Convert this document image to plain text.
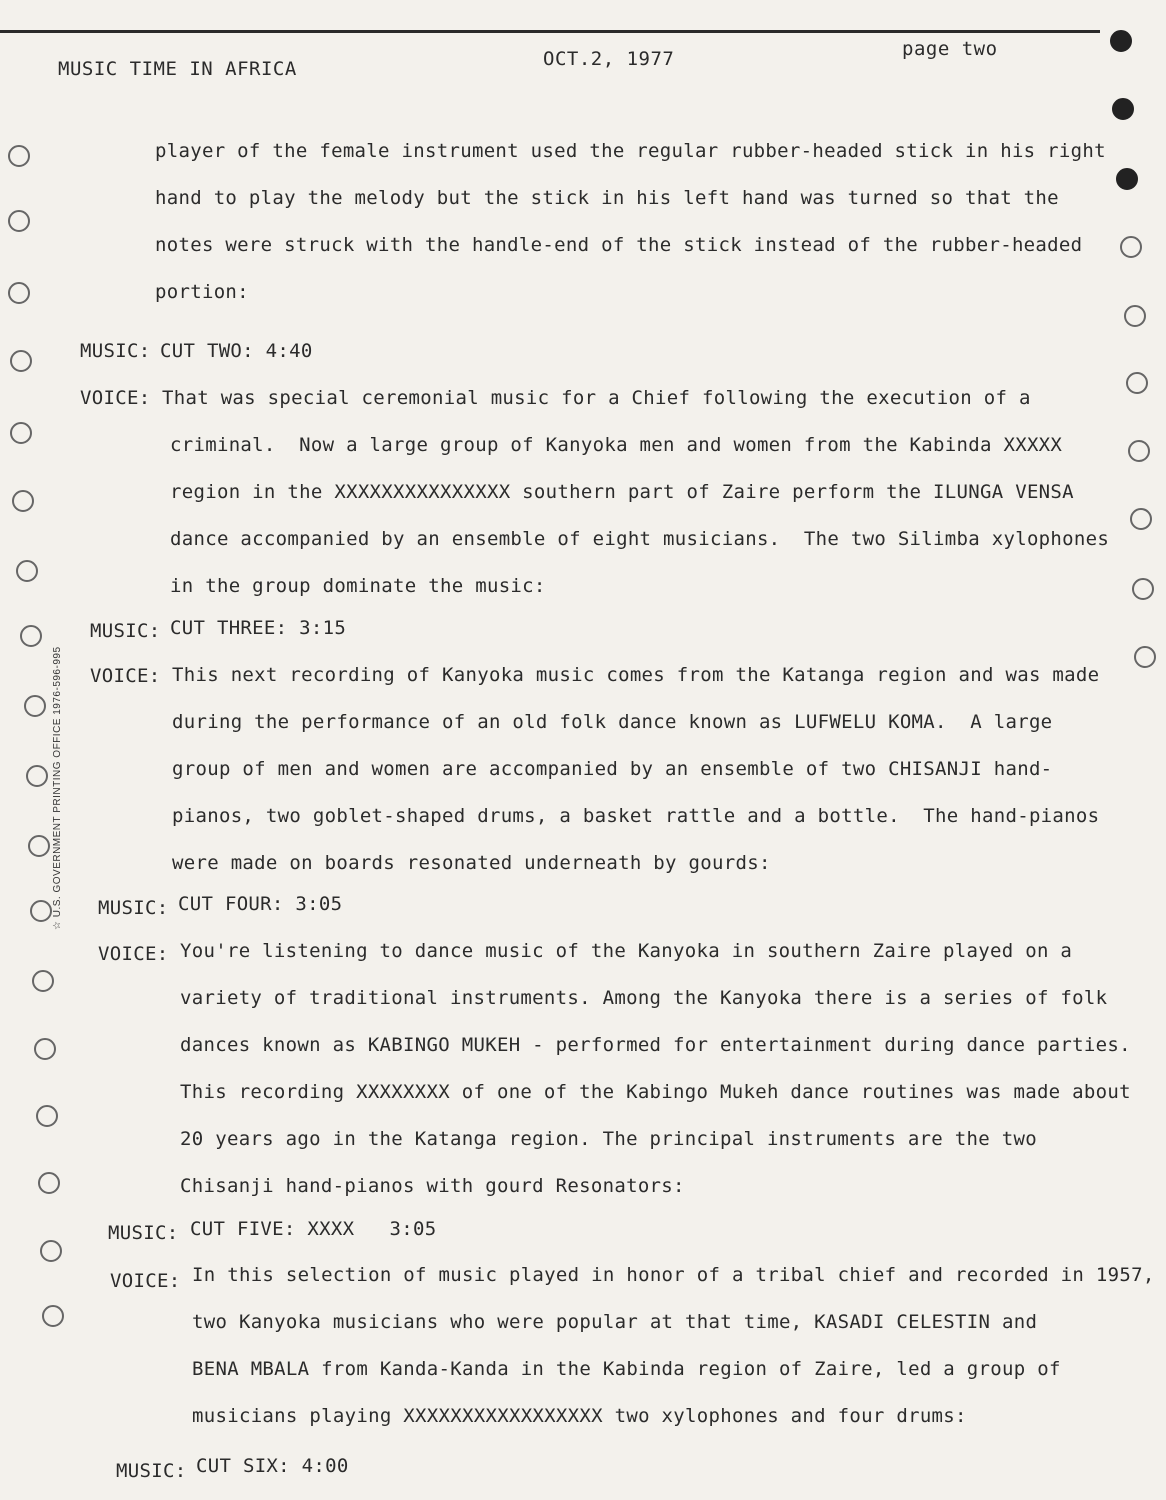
☆ U.S. GOVERNMENT PRINTING OFFICE 1976-596-995
MUSIC TIME IN AFRICA	OCT.2, 1977	page two
player of the female instrument used the regular rubber-headed stick in his right
hand to play the melody but the stick in his left hand was turned so that the
notes were struck with the handle-end of the stick instead of the rubber-headed
portion:
MUSIC: CUT TWO: 4:40
VOICE: That was special ceremonial music for a Chief following the execution of a
criminal.  Now a large group of Kanyoka men and women from the Kabinda XXXXX
region in the XXXXXXXXXXXXXXX southern part of Zaire perform the ILUNGA VENSA
dance accompanied by an ensemble of eight musicians.  The two Silimba xylophones
in the group dominate the music:
MUSIC: CUT THREE: 3:15
VOICE: This next recording of Kanyoka music comes from the Katanga region and was made
during the performance of an old folk dance known as LUFWELU KOMA.  A large
group of men and women are accompanied by an ensemble of two CHISANJI hand-
pianos, two goblet-shaped drums, a basket rattle and a bottle.  The hand-pianos
were made on boards resonated underneath by gourds:
MUSIC: CUT FOUR: 3:05
VOICE: You're listening to dance music of the Kanyoka in southern Zaire played on a
variety of traditional instruments. Among the Kanyoka there is a series of folk
dances known as KABINGO MUKEH - performed for entertainment during dance parties.
This recording XXXXXXXX of one of the Kabingo Mukeh dance routines was made about
20 years ago in the Katanga region. The principal instruments are the two
Chisanji hand-pianos with gourd Resonators:
MUSIC: CUT FIVE: XXXX   3:05
VOICE: In this selection of music played in honor of a tribal chief and recorded in 1957,
two Kanyoka musicians who were popular at that time, KASADI CELESTIN and
BENA MBALA from Kanda-Kanda in the Kabinda region of Zaire, led a group of
musicians playing XXXXXXXXXXXXXXXXX two xylophones and four drums:
MUSIC: CUT SIX: 4:00
